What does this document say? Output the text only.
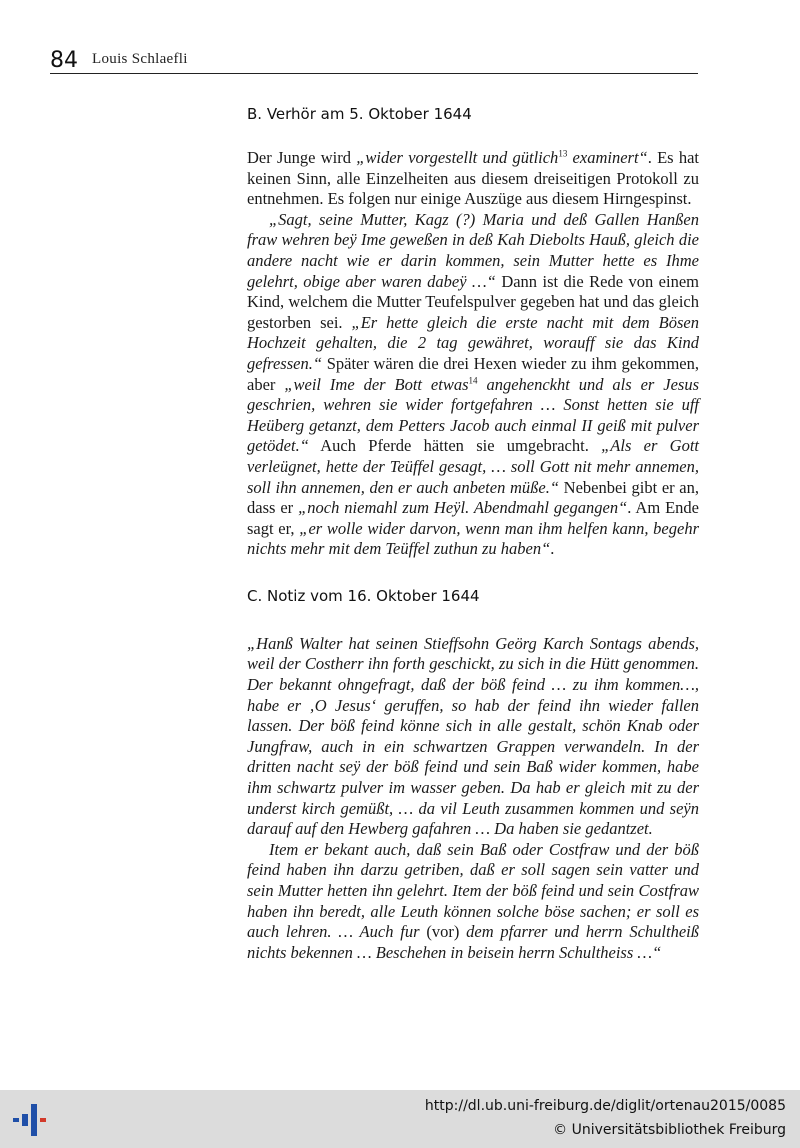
84 Louis Schlaefli
B. Verhör am 5. Oktober 1644

Der Junge wird „wider vorgestellt und gütlich$^{13}$ examinert“. Es hat keinen Sinn, alle Einzelheiten aus diesem dreiseitigen Protokoll zu entnehmen. Es folgen nur einige Auszüge aus diesem Hirngespinst.

„Sagt, seine Mutter, Kagz (?) Maria und deß Gallen Hanßen fraw wehren beÿ Ime geweßen in deß Kah Diebolts Hauß, gleich die andere nacht wie er darin kommen, sein Mutter hette es Ihme gelehrt, obige aber waren dabeÿ …“ Dann ist die Rede von einem Kind, welchem die Mutter Teufelspulver gegeben hat und das gleich gestorben sei. „Er hette gleich die erste nacht mit dem Bösen Hochzeit gehalten, die 2 tag gewähret, worauff sie das Kind gefressen.“ Später wären die drei Hexen wieder zu ihm gekommen, aber „weil Ime der Bott etwas$^{14}$ angehenckht und als er Jesus geschrien, wehren sie wider fortgefahren … Sonst hetten sie uff Heüberg getanzt, dem Petters Jacob auch einmal II geiß mit pulver getödet.“ Auch Pferde hätten sie umgebracht. „Als er Gott verleügnet, hette der Teüffel gesagt, … soll Gott nit mehr annemen, soll ihn annemen, den er auch anbeten müße.“ Nebenbei gibt er an, dass er „noch niemahl zum Heÿl. Abendmahl gegangen“. Am Ende sagt er, „er wolle wider darvon, wenn man ihm helfen kann, begehr nichts mehr mit dem Teüffel zuthun zu haben“.

C. Notiz vom 16. Oktober 1644

„Hanß Walter hat seinen Stieffsohn Geörg Karch Sontags abends, weil der Costherr ihn forth geschickt, zu sich in die Hütt genommen. Der bekannt ohngefragt, daß der böß feind … zu ihm kommen…, habe er ‚O Jesus‘ geruffen, so hab der feind ihn wieder fallen lassen. Der böß feind könne sich in alle gestalt, schön Knab oder Jungfraw, auch in ein schwartzen Grappen verwandeln. In der dritten nacht seÿ der böß feind und sein Baß wider kommen, habe ihm schwartz pulver im wasser geben. Da hab er gleich mit zu der underst kirch gemüßt, … da vil Leuth zusammen kommen und seÿn darauf auf den Hewberg gafahren … Da haben sie gedantzet.

Item er bekant auch, daß sein Baß oder Costfraw und der böß feind haben ihn darzu getriben, daß er soll sagen sein vatter und sein Mutter hetten ihn gelehrt. Item der böß feind und sein Costfraw haben ihn beredt, alle Leuth können solche böse sachen; er soll es auch lehren. … Auch fur (vor) dem pfarrer und herrn Schultheiß nichts bekennen … Beschehen in beisein herrn Schultheiss …“

http://dl.ub.uni-freiburg.de/diglit/ortenau2015/0085
© Universitätsbibliothek Freiburg
